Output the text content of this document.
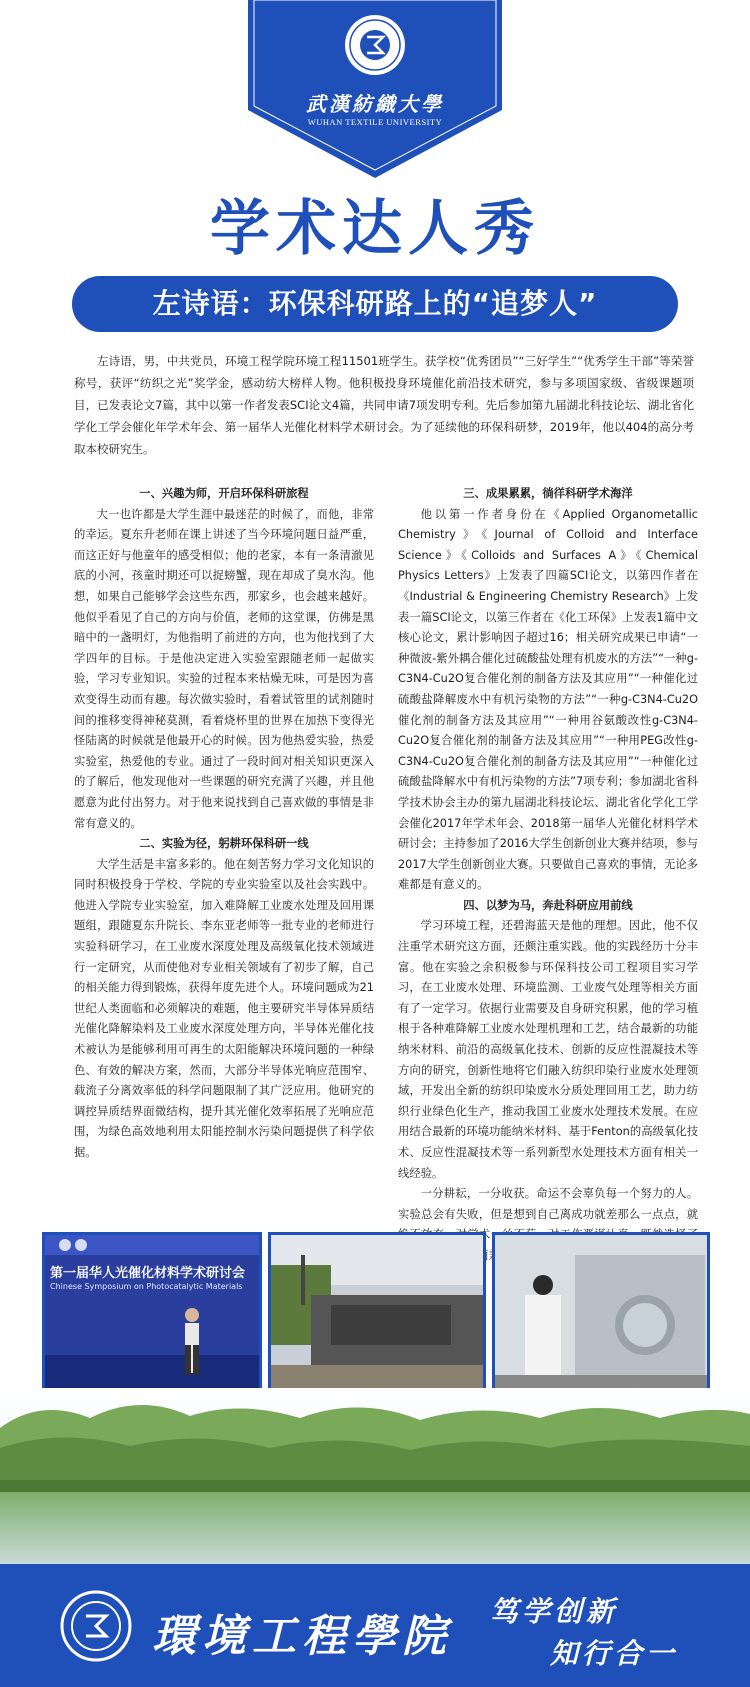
武漢紡織大學
WUHAN TEXTILE UNIVERSITY
学术达人秀
左诗语：环保科研路上的“追梦人”
左诗语，男，中共党员，环境工程学院环境工程11501班学生。获学校“优秀团员”“三好学生”“优秀学生干部”等荣誉称号，获评“纺织之光”奖学金，感动纺大榜样人物。他积极投身环境催化前沿技术研究，参与多项国家级、省级课题项目，已发表论文7篇，其中以第一作者发表SCI论文4篇，共同申请7项发明专利。先后参加第九届湖北科技论坛、湖北省化学化工学会催化年学术年会、第一届华人光催化材料学术研讨会。为了延续他的环保科研梦，2019年，他以404的高分考取本校研究生。
一、兴趣为师，开启环保科研旅程

大一也许都是大学生涯中最迷茫的时候了，而他，非常的幸运。夏东升老师在课上讲述了当今环境问题日益严重，而这正好与他童年的感受相似；他的老家，本有一条清澈见底的小河，孩童时期还可以捉螃蟹，现在却成了臭水沟。他想，如果自己能够学会这些东西，那家乡，也会越来越好。他似乎看见了自己的方向与价值，老师的这堂课，仿佛是黑暗中的一盏明灯，为他指明了前进的方向，也为他找到了大学四年的目标。于是他决定进入实验室跟随老师一起做实验，学习专业知识。实验的过程本来枯燥无味，可是因为喜欢变得生动而有趣。每次做实验时，看着试管里的试剂随时间的推移变得神秘莫测，看着烧杯里的世界在加热下变得光怪陆离的时候就是他最开心的时候。因为他热爱实验，热爱实验室，热爱他的专业。通过了一段时间对相关知识更深入的了解后，他发现他对一些课题的研究充满了兴趣，并且他愿意为此付出努力。对于他来说找到自己喜欢做的事情是非常有意义的。

二、实验为径，躬耕环保科研一线

大学生活是丰富多彩的。他在刻苦努力学习文化知识的同时积极投身于学校、学院的专业实验室以及社会实践中。他进入学院专业实验室，加入难降解工业废水处理及回用课题组，跟随夏东升院长、李东亚老师等一批专业的老师进行实验科研学习，在工业废水深度处理及高级氧化技术领域进行一定研究，从而使他对专业相关领域有了初步了解，自己的相关能力得到锻炼，获得年度先进个人。环境问题成为21世纪人类面临和必须解决的难题，他主要研究半导体异质结光催化降解染料及工业废水深度处理方向，半导体光催化技术被认为是能够利用可再生的太阳能解决环境问题的一种绿色、有效的解决方案，然而，大部分半导体光响应范围窄、载流子分离效率低的科学问题限制了其广泛应用。他研究的调控异质结界面微结构，提升其光催化效率拓展了光响应范围，为绿色高效地利用太阳能控制水污染问题提供了科学依据。

三、成果累累，徜徉科研学术海洋

他以第一作者身份在《Applied Organometallic Chemistry》《Journal of Colloid and Interface Science》《Colloids and Surfaces A》《Chemical Physics Letters》上发表了四篇SCI论文，以第四作者在《Industrial & Engineering Chemistry Research》上发表一篇SCI论文，以第三作者在《化工环保》上发表1篇中文核心论文，累计影响因子超过16；相关研究成果已申请“一种微波-紫外耦合催化过硫酸盐处理有机废水的方法”“一种g-C3N4-Cu2O复合催化剂的制备方法及其应用”“一种催化过硫酸盐降解废水中有机污染物的方法”“一种g-C3N4-Cu2O催化剂的制备方法及其应用”“一种用谷氨酸改性g-C3N4-Cu2O复合催化剂的制备方法及其应用”“一种用PEG改性g-C3N4-Cu2O复合催化剂的制备方法及其应用”“一种催化过硫酸盐降解水中有机污染物的方法”7项专利；参加湖北省科学技术协会主办的第九届湖北科技论坛、湖北省化学化工学会催化2017年学术年会、2018第一届华人光催化材料学术研讨会；主持参加了2016大学生创新创业大赛并结项，参与2017大学生创新创业大赛。只要做自己喜欢的事情，无论多难都是有意义的。

四、以梦为马，奔赴科研应用前线

学习环境工程，还碧海蓝天是他的理想。因此，他不仅注重学术研究这方面，还颇注重实践。他的实践经历十分丰富。他在实验之余积极参与环保科技公司工程项目实习学习，在工业废水处理、环境监测、工业废气处理等相关方面有了一定学习。依据行业需要及自身研究积累，他的学习植根于各种难降解工业废水处理机理和工艺，结合最新的功能纳米材料、前沿的高级氧化技术、创新的反应性混凝技术等方向的研究，创新性地将它们融入纺织印染行业废水处理领域，开发出全新的纺织印染废水分质处理回用工艺，助力纺织行业绿色化生产，推动我国工业废水处理技术发展。在应用结合最新的环境功能纳米材料、基于Fenton的高级氧化技术、反应性混凝技术等一系列新型水处理技术方面有相关一线经验。

一分耕耘，一分收获。命运不会辜负每一个努力的人。实验总会有失败，但是想到自己离成功就差那么一点点，就 术一 顾风雨兼程。

第一届华人光催化材料学术研讨会
Chinese Symposium on Photocatalytic Materials
環境工程學院 笃学创新
知行合一
